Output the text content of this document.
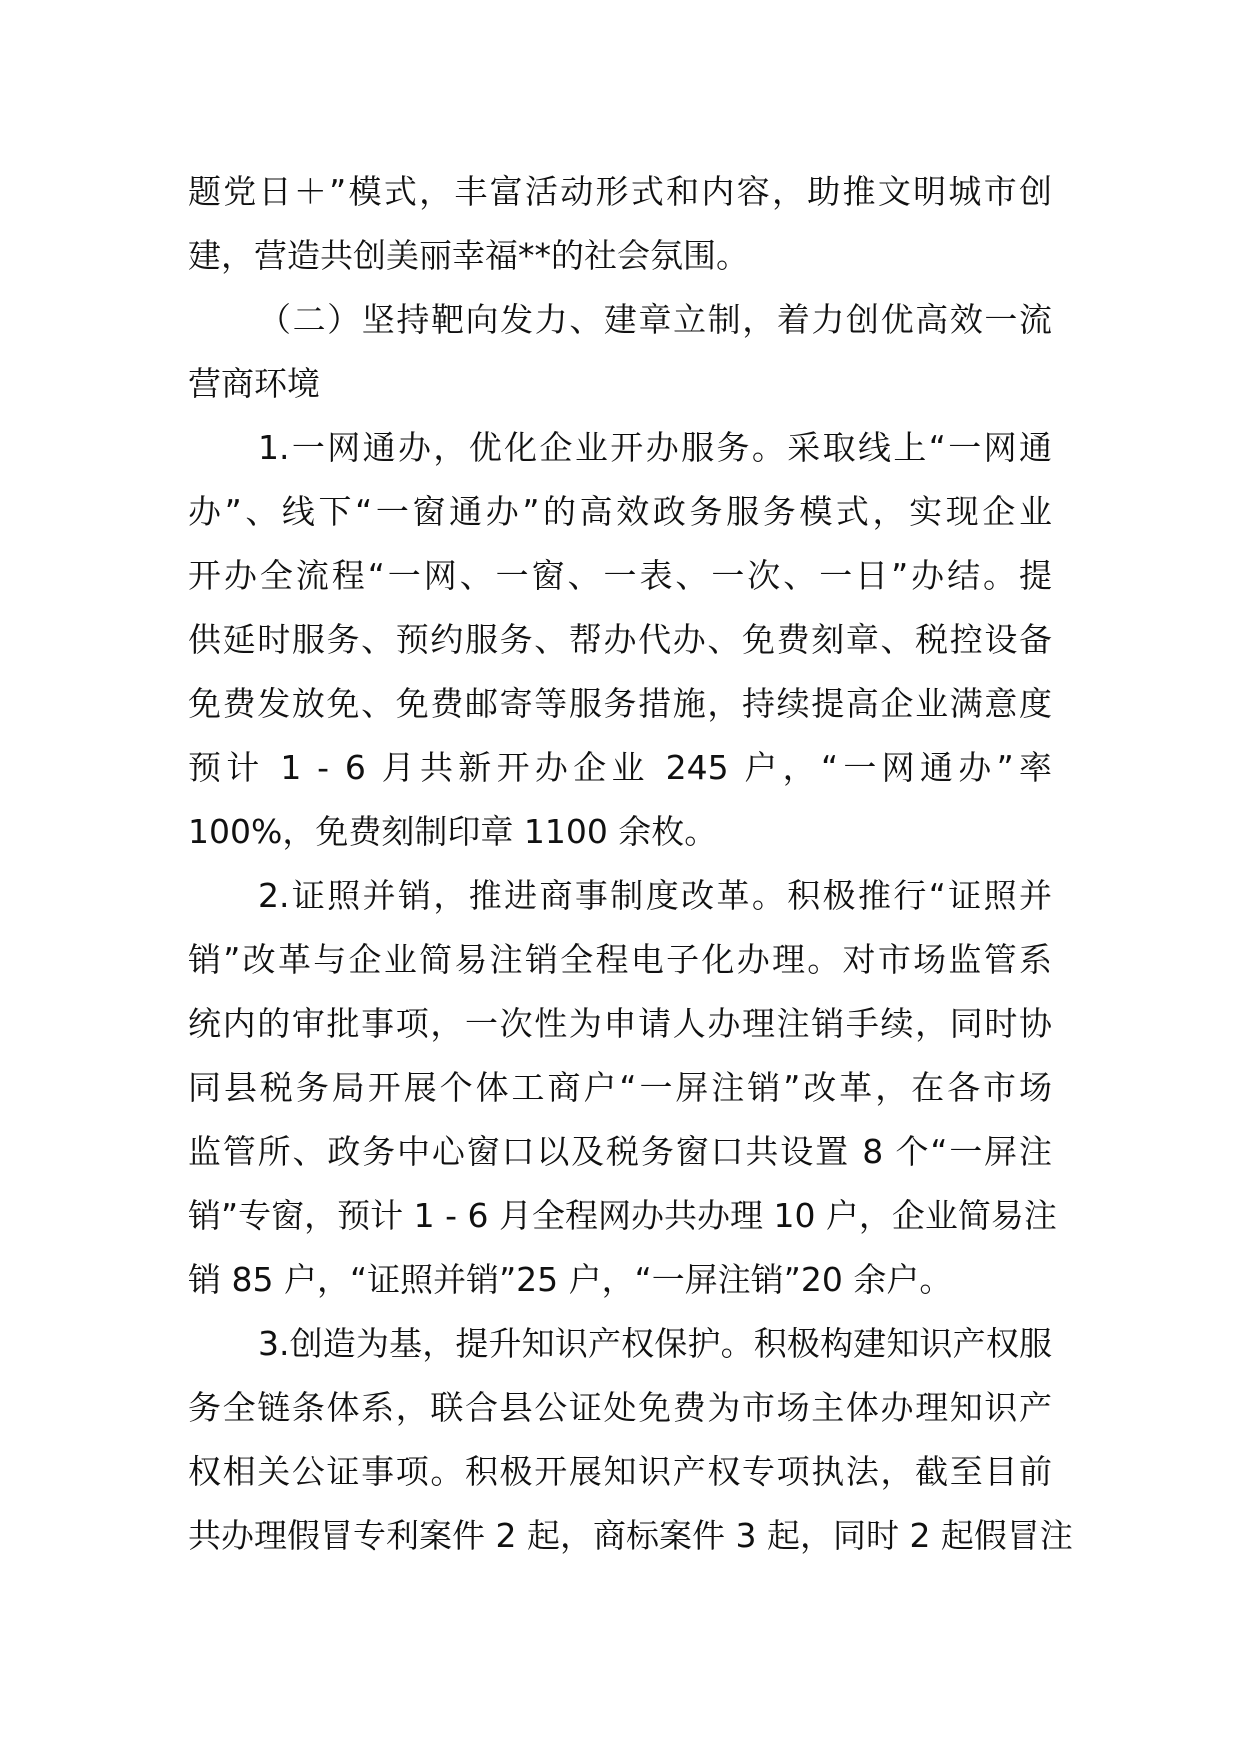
题党日＋”模式，丰富活动形式和内容，助推文明城市创
建，营造共创美丽幸福**的社会氛围。
（二）坚持靶向发力、建章立制，着力创优高效一流
营商环境
1.一网通办，优化企业开办服务。采取线上“一网通
办”、线下“一窗通办”的高效政务服务模式，实现企业
开办全流程“一网、一窗、一表、一次、一日”办结。提
供延时服务、预约服务、帮办代办、免费刻章、税控设备
免费发放免、免费邮寄等服务措施，持续提高企业满意度
预计 1 - 6 月共新开办企业 245 户，“一网通办”率
100%，免费刻制印章 1100 余枚。
2.证照并销，推进商事制度改革。积极推行“证照并
销”改革与企业简易注销全程电子化办理。对市场监管系
统内的审批事项，一次性为申请人办理注销手续，同时协
同县税务局开展个体工商户“一屏注销”改革，在各市场
监管所、政务中心窗口以及税务窗口共设置 8 个“一屏注
销”专窗，预计 1 - 6 月全程网办共办理 10 户，企业简易注
销 85 户，“证照并销”25 户，“一屏注销”20 余户。
3.创造为基，提升知识产权保护。积极构建知识产权服
务全链条体系，联合县公证处免费为市场主体办理知识产
权相关公证事项。积极开展知识产权专项执法，截至目前
共办理假冒专利案件 2 起，商标案件 3 起，同时 2 起假冒注
